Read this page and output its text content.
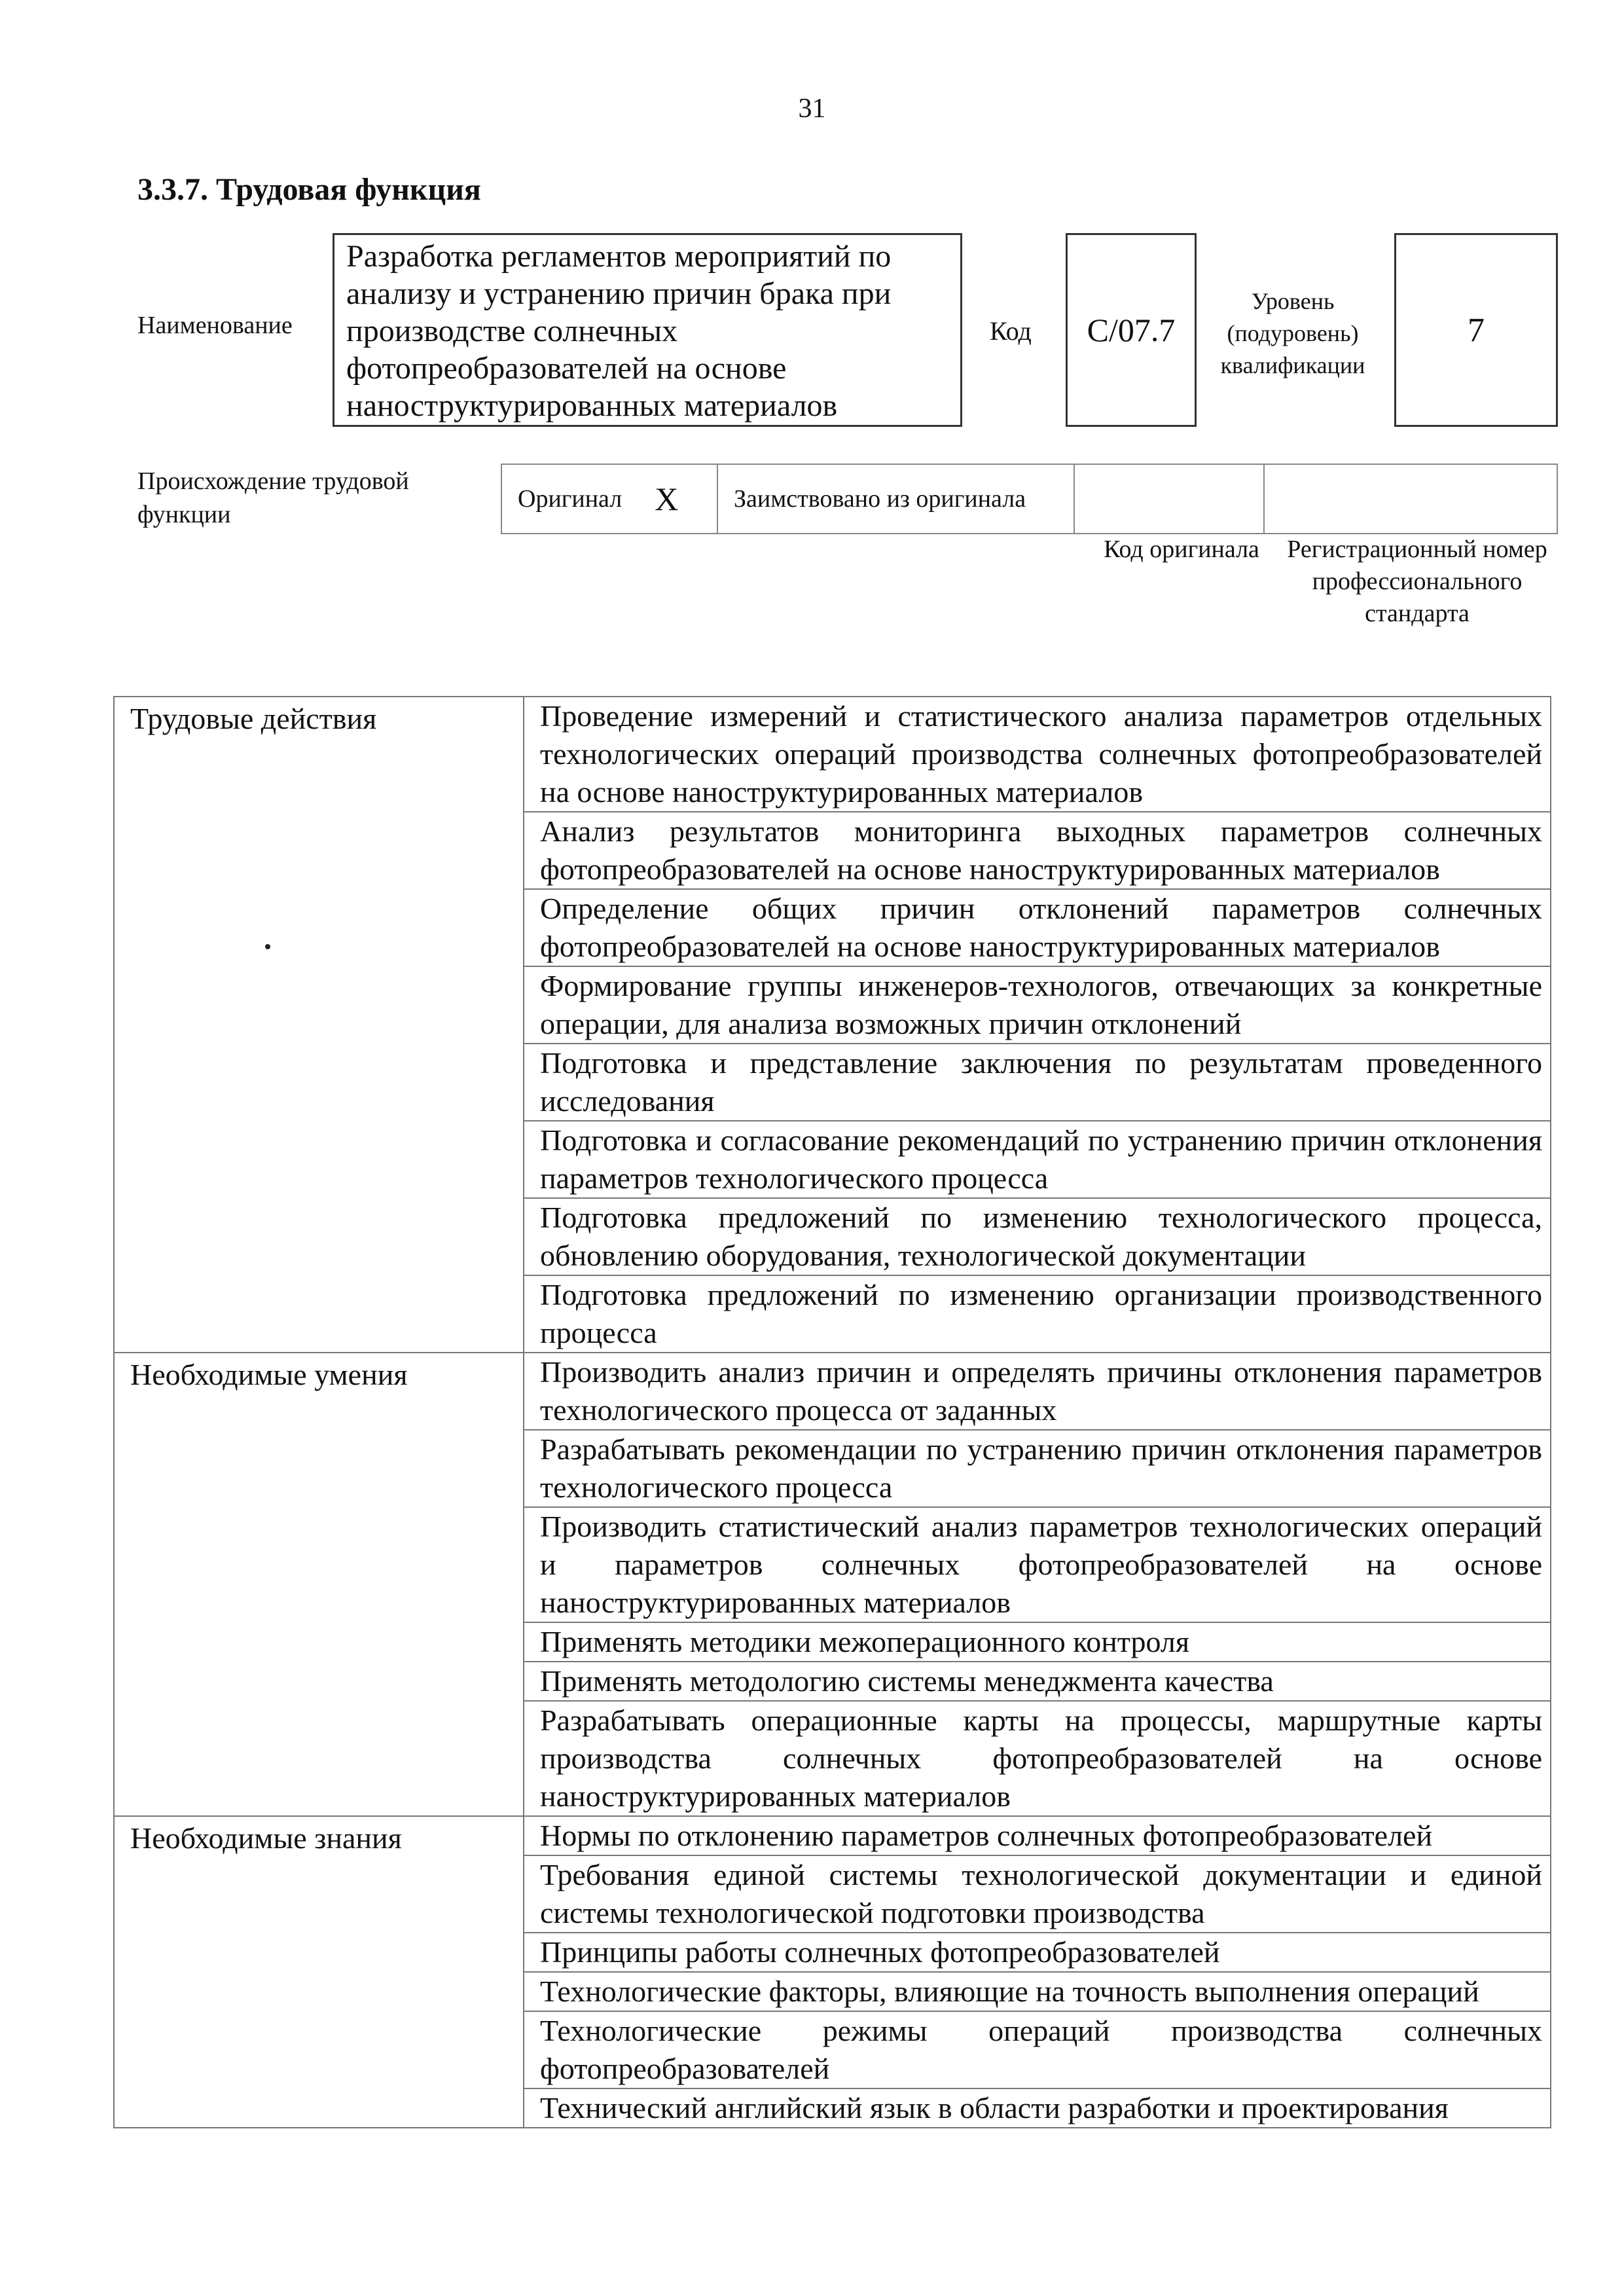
31
3.3.7. Трудовая функция
Наименование
Разработка регламентов мероприятий по анализу и устранению причин брака при производстве солнечных фотопреобразователей на основе наноструктурированных материалов
Код С/07.7
Уровень (подуровень) квалификации
7
Происхождение трудовой функции
Оригинал X Заимствовано из оригинала
Код оригинала	Регистрационный номер профессионального стандарта
Трудовые действия	Проведение измерений и статистического анализа параметров отдельных технологических операций производства солнечных фотопреобразователей на основе наноструктурированных материалов
	Анализ результатов мониторинга выходных параметров солнечных фотопреобразователей на основе наноструктурированных материалов
	Определение общих причин отклонений параметров солнечных фотопреобразователей на основе наноструктурированных материалов
	Формирование группы инженеров-технологов, отвечающих за конкретные операции, для анализа возможных причин отклонений
	Подготовка и представление заключения по результатам проведенного исследования
	Подготовка и согласование рекомендаций по устранению причин отклонения параметров технологического процесса
	Подготовка предложений по изменению технологического процесса, обновлению оборудования, технологической документации
	Подготовка предложений по изменению организации производственного процесса
Необходимые умения	Производить анализ причин и определять причины отклонения параметров технологического процесса от заданных
	Разрабатывать рекомендации по устранению причин отклонения параметров технологического процесса
	Производить статистический анализ параметров технологических операций и параметров солнечных фотопреобразователей на основе наноструктурированных материалов
	Применять методики межоперационного контроля
	Применять методологию системы менеджмента качества
	Разрабатывать операционные карты на процессы, маршрутные карты производства солнечных фотопреобразователей на основе наноструктурированных материалов
Необходимые знания	Нормы по отклонению параметров солнечных фотопреобразователей
	Требования единой системы технологической документации и единой системы технологической подготовки производства
	Принципы работы солнечных фотопреобразователей
	Технологические факторы, влияющие на точность выполнения операций
	Технологические режимы операций производства солнечных фотопреобразователей
	Технический английский язык в области разработки и проектирования
